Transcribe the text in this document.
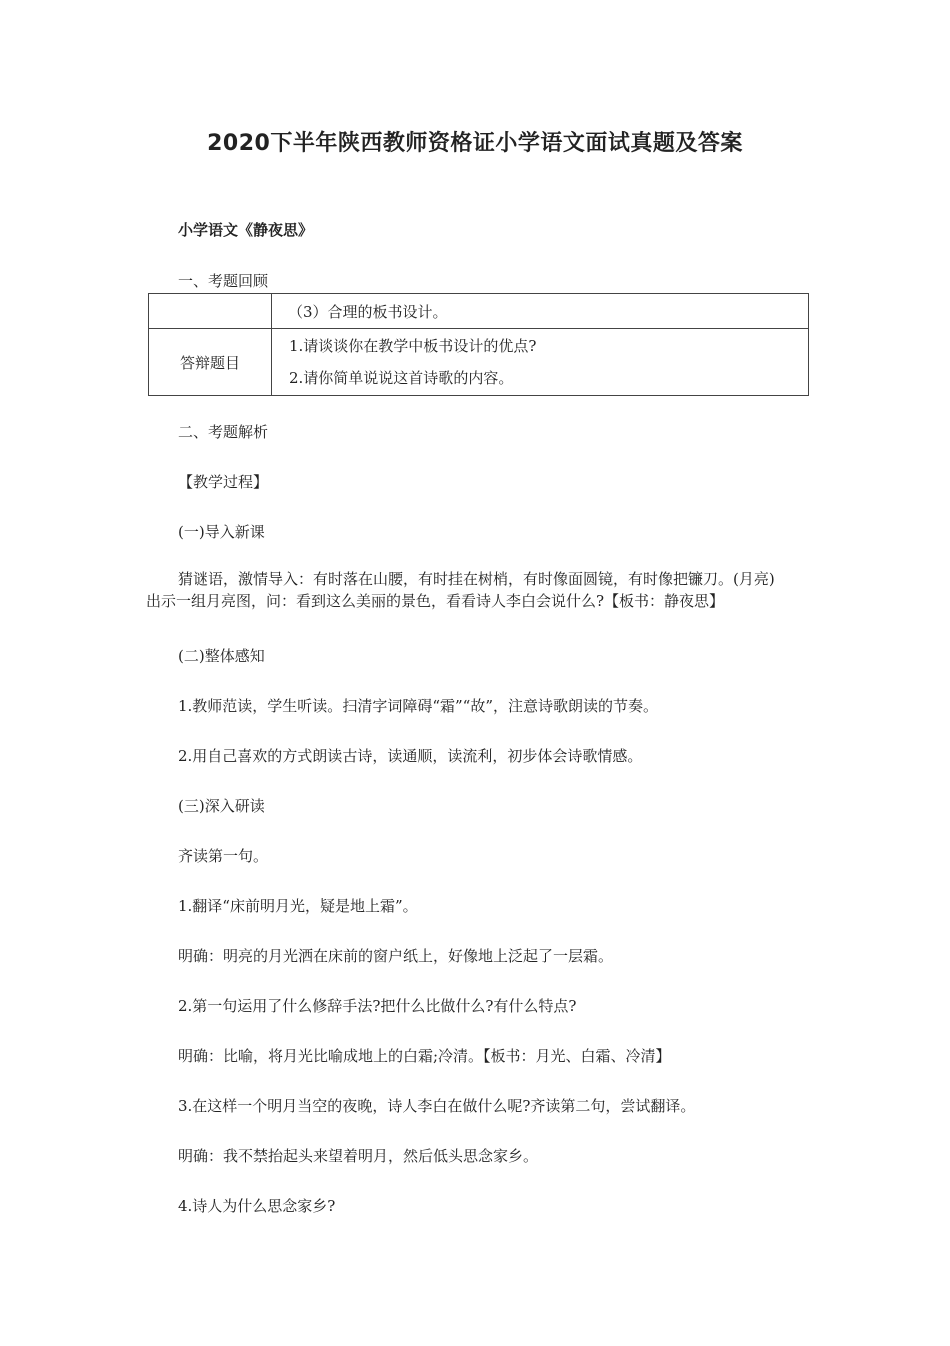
2020下半年陕西教师资格证小学语文面试真题及答案
小学语文《静夜思》
一、考题回顾
	（3）合理的板书设计。
答辩题目	1.请谈谈你在教学中板书设计的优点?
2.请你简单说说这首诗歌的内容。
二、考题解析
【教学过程】
(一)导入新课
猜谜语，激情导入：有时落在山腰，有时挂在树梢，有时像面圆镜，有时像把镰刀。(月亮)
出示一组月亮图，问：看到这么美丽的景色，看看诗人李白会说什么?【板书：静夜思】
(二)整体感知
1.教师范读，学生听读。扫清字词障碍“霜”“故”，注意诗歌朗读的节奏。
2.用自己喜欢的方式朗读古诗，读通顺，读流利，初步体会诗歌情感。
(三)深入研读
齐读第一句。
1.翻译“床前明月光，疑是地上霜”。
明确：明亮的月光洒在床前的窗户纸上，好像地上泛起了一层霜。
2.第一句运用了什么修辞手法?把什么比做什么?有什么特点?
明确：比喻，将月光比喻成地上的白霜;冷清。【板书：月光、白霜、冷清】
3.在这样一个明月当空的夜晚，诗人李白在做什么呢?齐读第二句，尝试翻译。
明确：我不禁抬起头来望着明月，然后低头思念家乡。
4.诗人为什么思念家乡?
